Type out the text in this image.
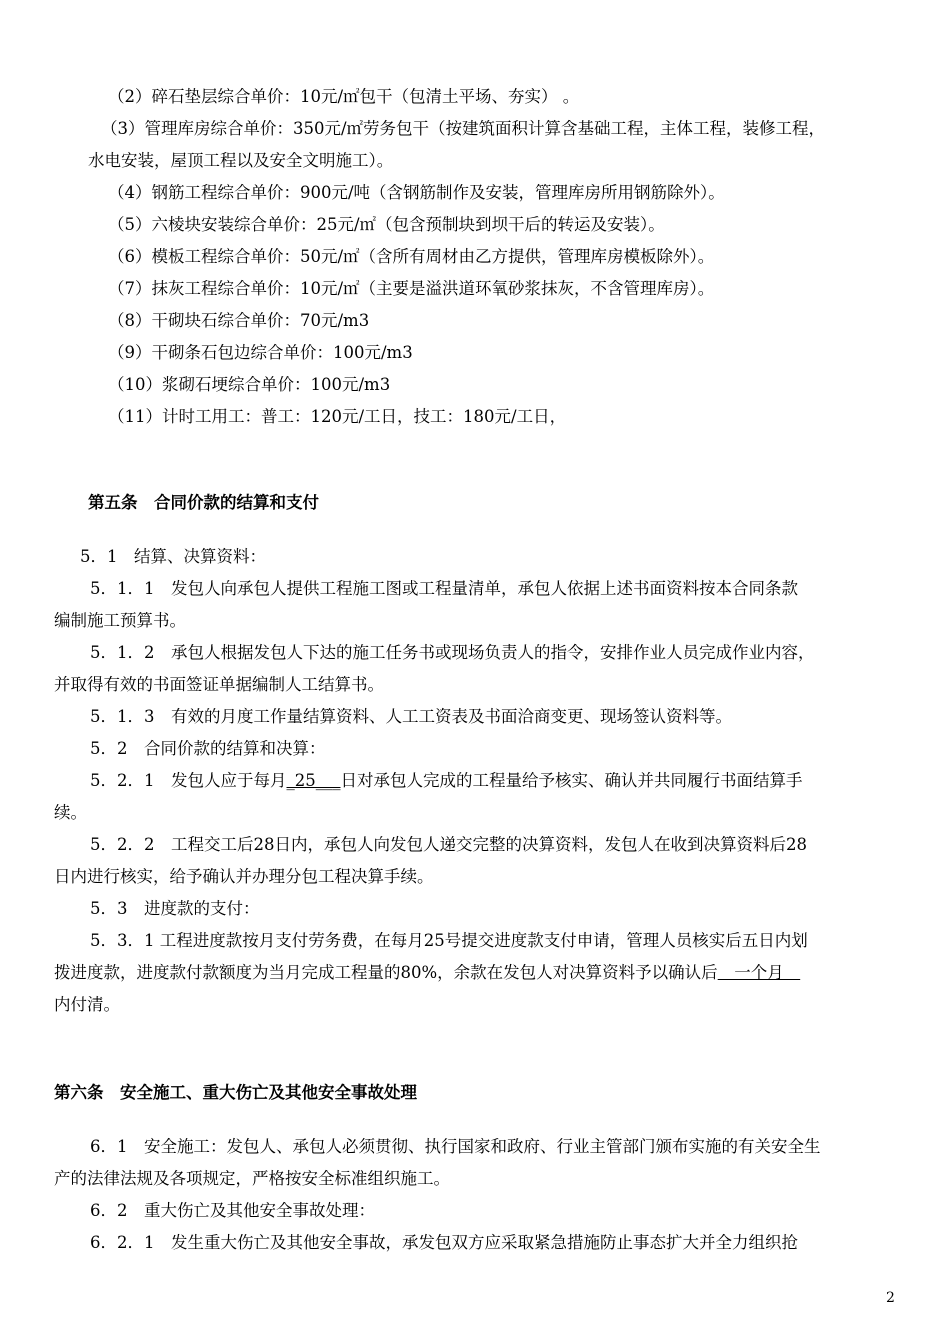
（2）碎石垫层综合单价：10元/㎡包干（包清土平场、夯实） 。
（3）管理库房综合单价：350元/㎡劳务包干（按建筑面积计算含基础工程，主体工程，装修工程，
水电安装，屋顶工程以及安全文明施工）。
（4）钢筋工程综合单价：900元/吨（含钢筋制作及安装，管理库房所用钢筋除外）。
（5）六棱块安装综合单价：25元/㎡（包含预制块到坝干后的转运及安装）。
（6）模板工程综合单价：50元/㎡（含所有周材由乙方提供，管理库房模板除外）。
（7）抹灰工程综合单价：10元/㎡（主要是溢洪道环氧砂浆抹灰，不含管理库房）。
（8）干砌块石综合单价：70元/m3
（9）干砌条石包边综合单价：100元/m3
（10）浆砌石埂综合单价：100元/m3
（11）计时工用工：普工：120元/工日，技工：180元/工日，
第五条　合同价款的结算和支付
5．1　结算、决算资料：
5．1．1　发包人向承包人提供工程施工图或工程量清单，承包人依据上述书面资料按本合同条款
编制施工预算书。
5．1．2　承包人根据发包人下达的施工任务书或现场负责人的指令，安排作业人员完成作业内容，
并取得有效的书面签证单据编制人工结算书。
5．1．3　有效的月度工作量结算资料、人工工资表及书面洽商变更、现场签认资料等。
5．2　合同价款的结算和决算：
5．2．1　发包人应于每月_25___日对承包人完成的工程量给予核实、确认并共同履行书面结算手
续。
5．2．2　工程交工后28日内，承包人向发包人递交完整的决算资料，发包人在收到决算资料后28
日内进行核实，给予确认并办理分包工程决算手续。
5．3　进度款的支付：
5．3．1 工程进度款按月支付劳务费，在每月25号提交进度款支付申请，管理人员核实后五日内划
拨进度款，进度款付款额度为当月完成工程量的80%，余款在发包人对决算资料予以确认后　一个月　
内付清。
第六条　安全施工、重大伤亡及其他安全事故处理
6．1　安全施工：发包人、承包人必须贯彻、执行国家和政府、行业主管部门颁布实施的有关安全生
产的法律法规及各项规定，严格按安全标准组织施工。
6．2　重大伤亡及其他安全事故处理：
6．2．1　发生重大伤亡及其他安全事故，承发包双方应采取紧急措施防止事态扩大并全力组织抢
2
